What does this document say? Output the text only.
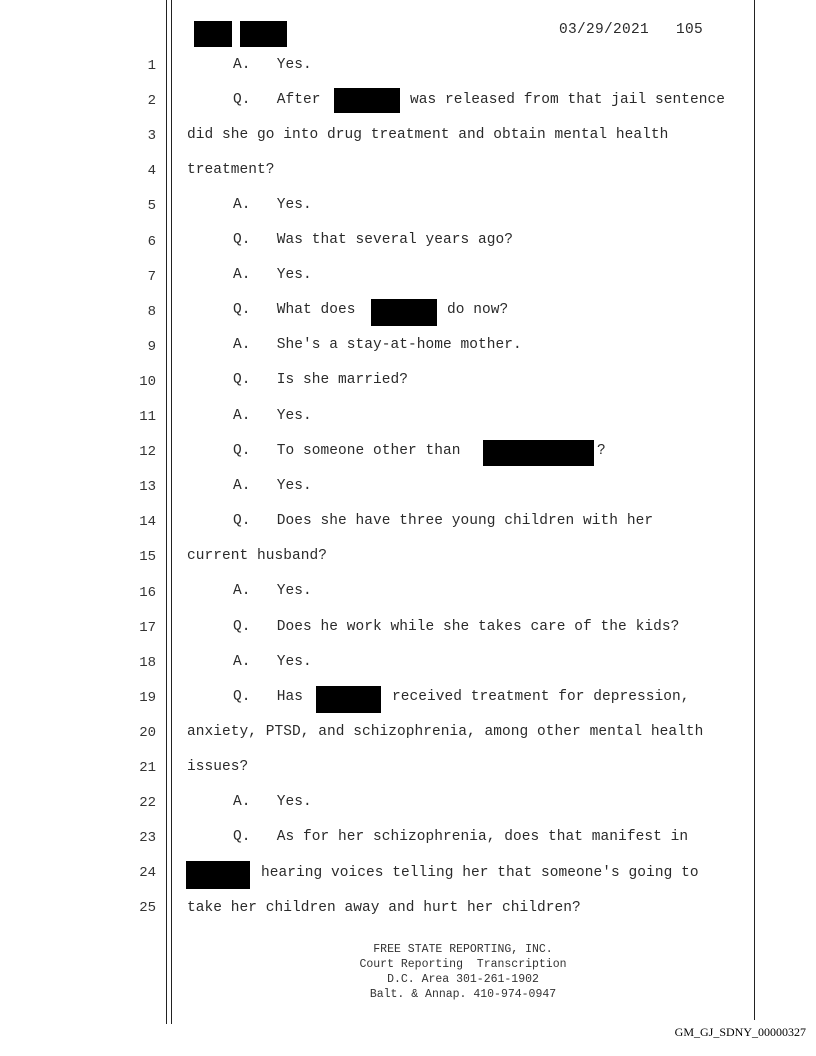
03/29/2021 105
1
2
3
4
5
6
7
8
9
10
11
12
13
14
15
16
17
18
19
20
21
22
23
24
25
A.   Yes.
Q.   After	was released from that jail sentence
did she go into drug treatment and obtain mental health
treatment?
A.   Yes.
Q.   Was that several years ago?
A.   Yes.
Q.   What does	do now?
A.   She's a stay-at-home mother.
Q.   Is she married?
A.   Yes.
Q.   To someone other than	?
A.   Yes.
Q.   Does she have three young children with her
current husband?
A.   Yes.
Q.   Does he work while she takes care of the kids?
A.   Yes.
Q.   Has	received treatment for depression,
anxiety, PTSD, and schizophrenia, among other mental health
issues?
A.   Yes.
Q.   As for her schizophrenia, does that manifest in
hearing voices telling her that someone's going to
take her children away and hurt her children?
FREE STATE REPORTING, INC.
Court Reporting  Transcription
D.C. Area 301-261-1902
Balt. & Annap. 410-974-0947
GM_GJ_SDNY_00000327
